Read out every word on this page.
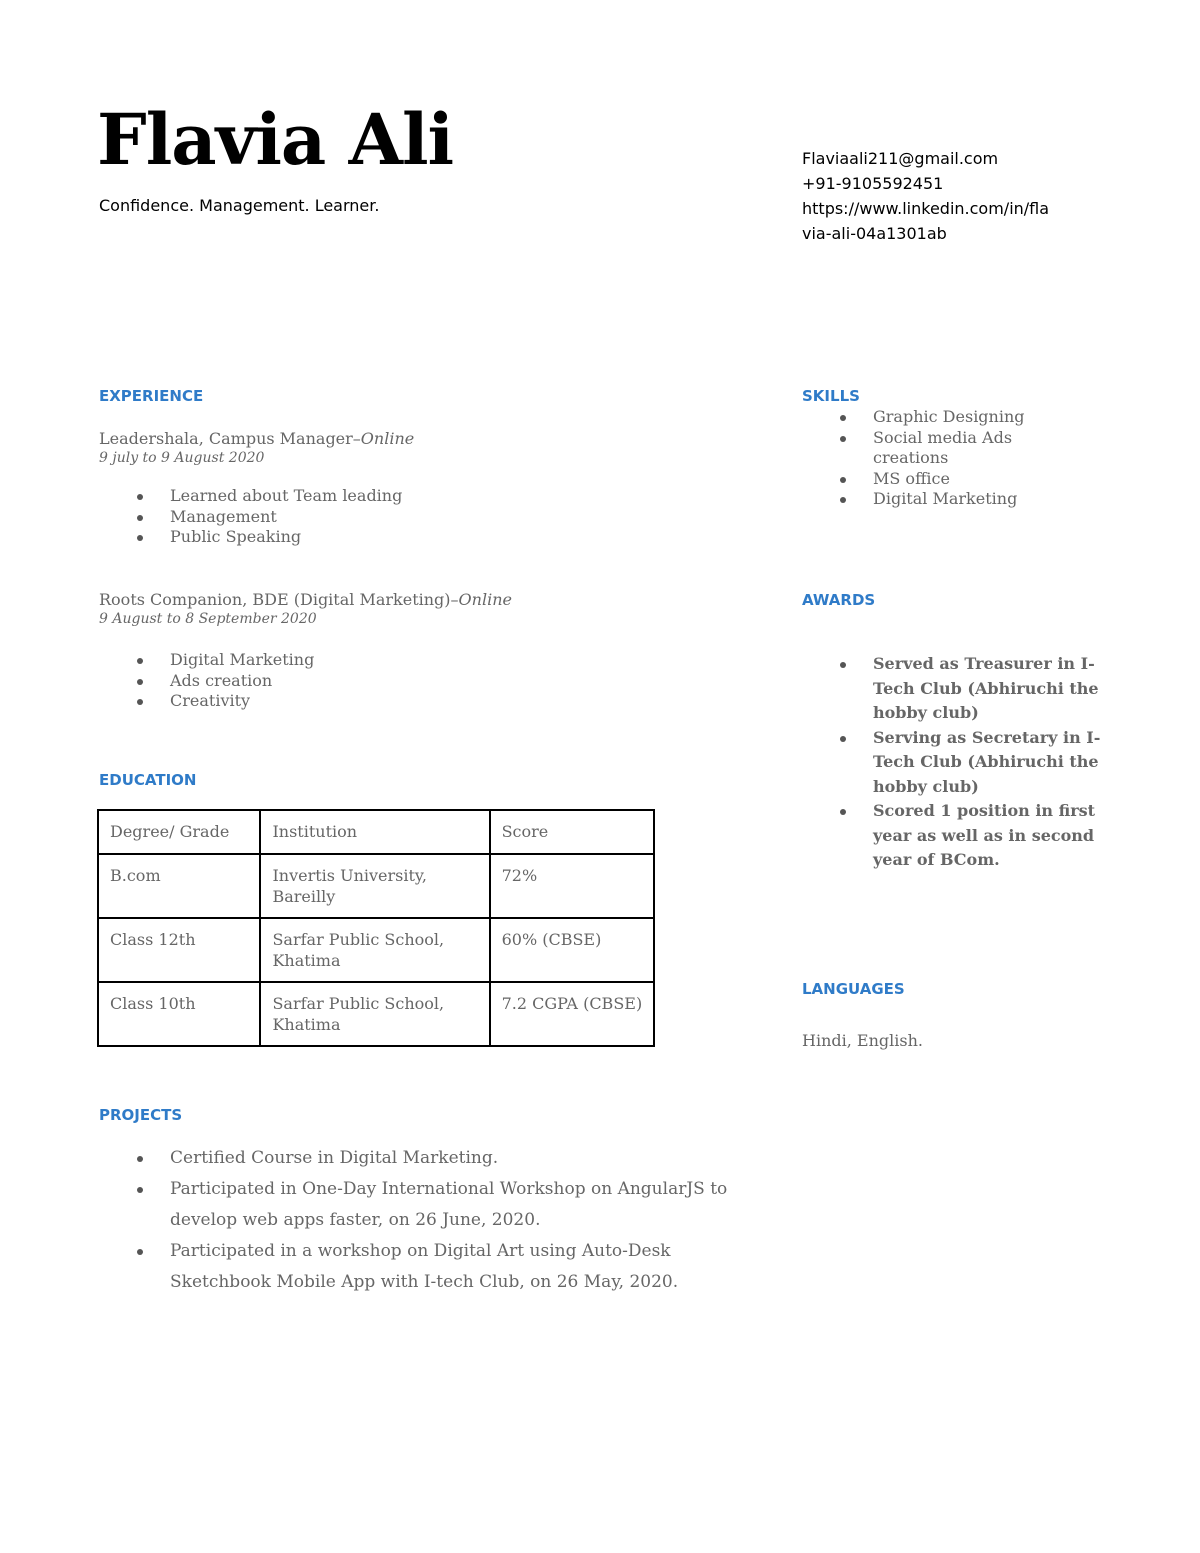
Flavia Ali
Confidence. Management. Learner.
Flaviaali211@gmail.com
+91-9105592451
https://www.linkedin.com/in/fla
via-ali-04a1301ab
EXPERIENCE
Leadershala, Campus Manager–Online
9 july to 9 August 2020
Learned about Team leading
Management
Public Speaking
Roots Companion, BDE (Digital Marketing)–Online
9 August to 8 September 2020
Digital Marketing
Ads creation
Creativity
EDUCATION
Degree/ Grade	Institution	Score
B.com	Invertis University, Bareilly	72%
Class 12th	Sarfar Public School, Khatima	60% (CBSE)
Class 10th	Sarfar Public School, Khatima	7.2 CGPA (CBSE)
PROJECTS
Certified Course in Digital Marketing.
Participated in One-Day International Workshop on AngularJS to develop web apps faster, on 26 June, 2020.
Participated in a workshop on Digital Art using Auto-Desk Sketchbook Mobile App with I-tech Club, on 26 May, 2020.
SKILLS
Graphic Designing
Social media Ads creations
MS office
Digital Marketing
AWARDS
Served as Treasurer in I-Tech Club (Abhiruchi the hobby club)
Serving as Secretary in I-Tech Club (Abhiruchi the hobby club)
Scored 1 position in first year as well as in second year of BCom.
LANGUAGES
Hindi, English.
